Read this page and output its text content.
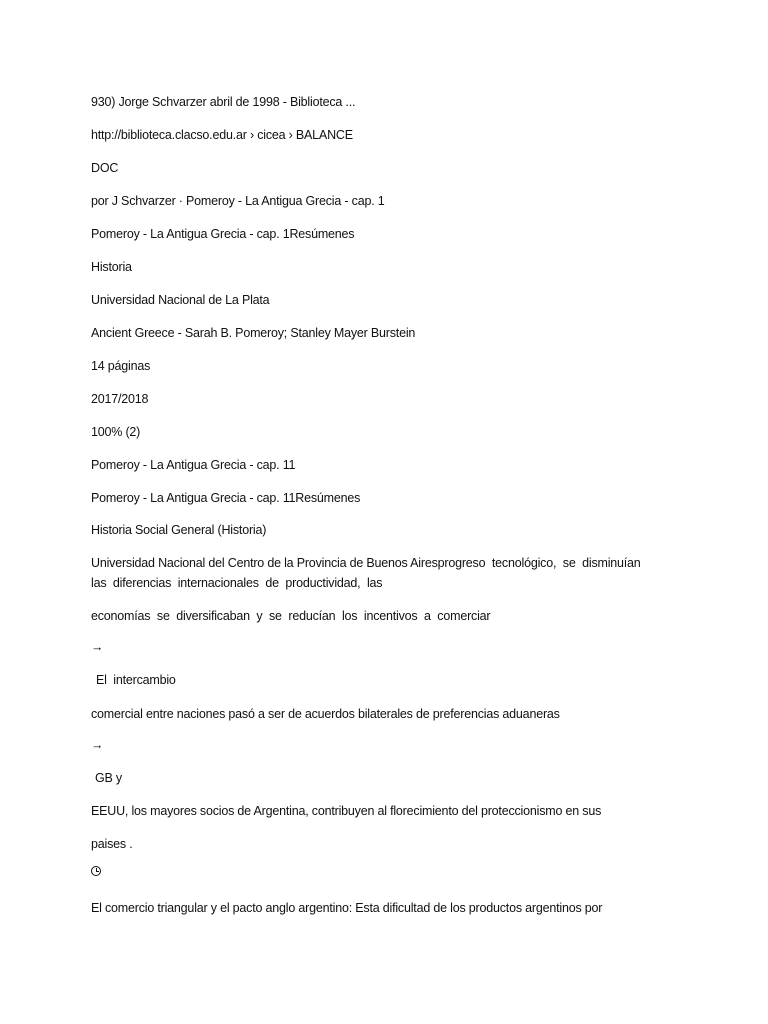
930) Jorge Schvarzer abril de 1998 - Biblioteca ...
http://biblioteca.clacso.edu.ar › cicea › BALANCE
DOC
por J Schvarzer · Pomeroy - La Antigua Grecia - cap. 1
Pomeroy - La Antigua Grecia - cap. 1Resúmenes
Historia
Universidad Nacional de La Plata
Ancient Greece - Sarah B. Pomeroy; Stanley Mayer Burstein
14 páginas
2017/2018
100% (2)
Pomeroy - La Antigua Grecia - cap. 11
Pomeroy - La Antigua Grecia - cap. 11Resúmenes
Historia Social General (Historia)
Universidad Nacional del Centro de la Provincia de Buenos Airesprogreso  tecnológico,  se  disminuían
las  diferencias  internacionales  de  productividad,  las
economías  se  diversificaban  y  se  reducían  los  incentivos  a  comerciar
→
El  intercambio
comercial entre naciones pasó a ser de acuerdos bilaterales de preferencias aduaneras
→
GB y
EEUU, los mayores socios de Argentina, contribuyen al florecimiento del proteccionismo en sus
paises .
El comercio triangular y el pacto anglo argentino: Esta dificultad de los productos argentinos por
